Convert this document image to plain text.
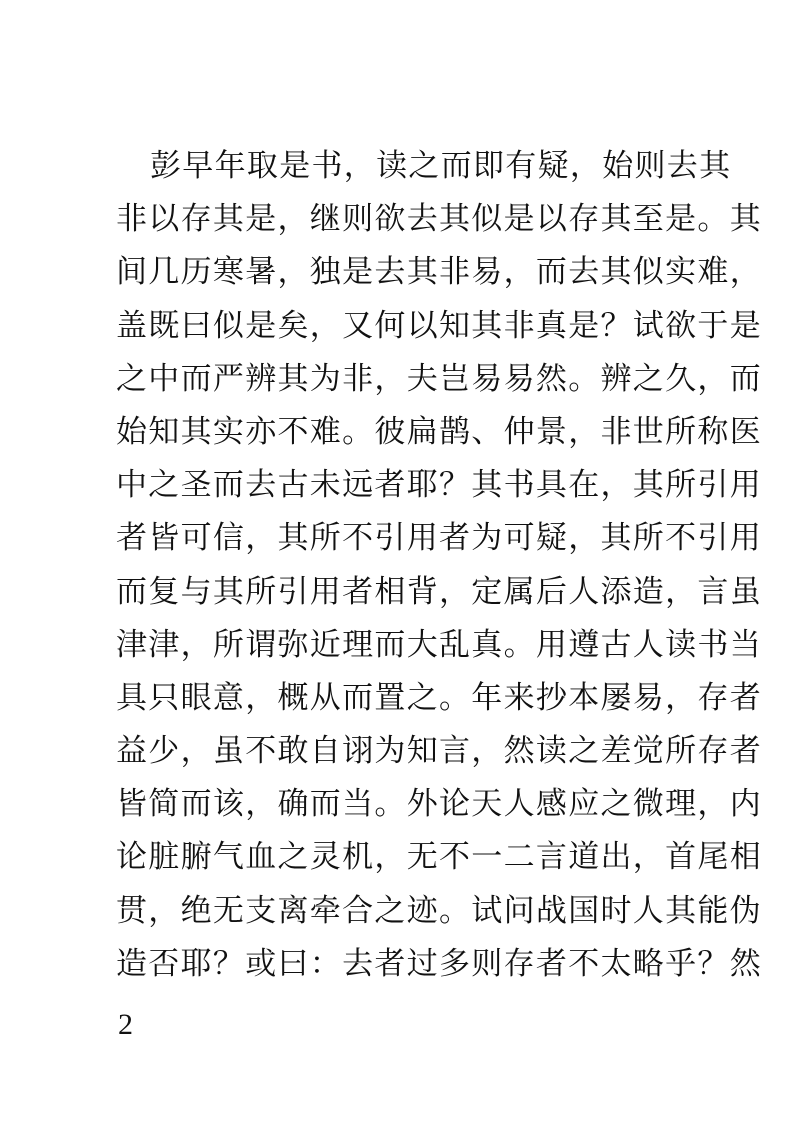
彭早年取是书，读之而即有疑，始则去其
非以存其是，继则欲去其似是以存其至是。其
间几历寒暑，独是去其非易，而去其似实难，
盖既曰似是矣，又何以知其非真是？试欲于是
之中而严辨其为非，夫岂易易然。辨之久，而
始知其实亦不难。彼扁鹊、仲景，非世所称医
中之圣而去古未远者耶？其书具在，其所引用
者皆可信，其所不引用者为可疑，其所不引用
而复与其所引用者相背，定属后人添造，言虽
津津，所谓弥近理而大乱真。用遵古人读书当
具只眼意，概从而置之。年来抄本屡易，存者
益少，虽不敢自诩为知言，然读之差觉所存者
皆简而该，确而当。外论天人感应之微理，内
论脏腑气血之灵机，无不一二言道出，首尾相
贯，绝无支离牵合之迹。试问战国时人其能伪
造否耶？或曰：去者过多则存者不太略乎？然
2
